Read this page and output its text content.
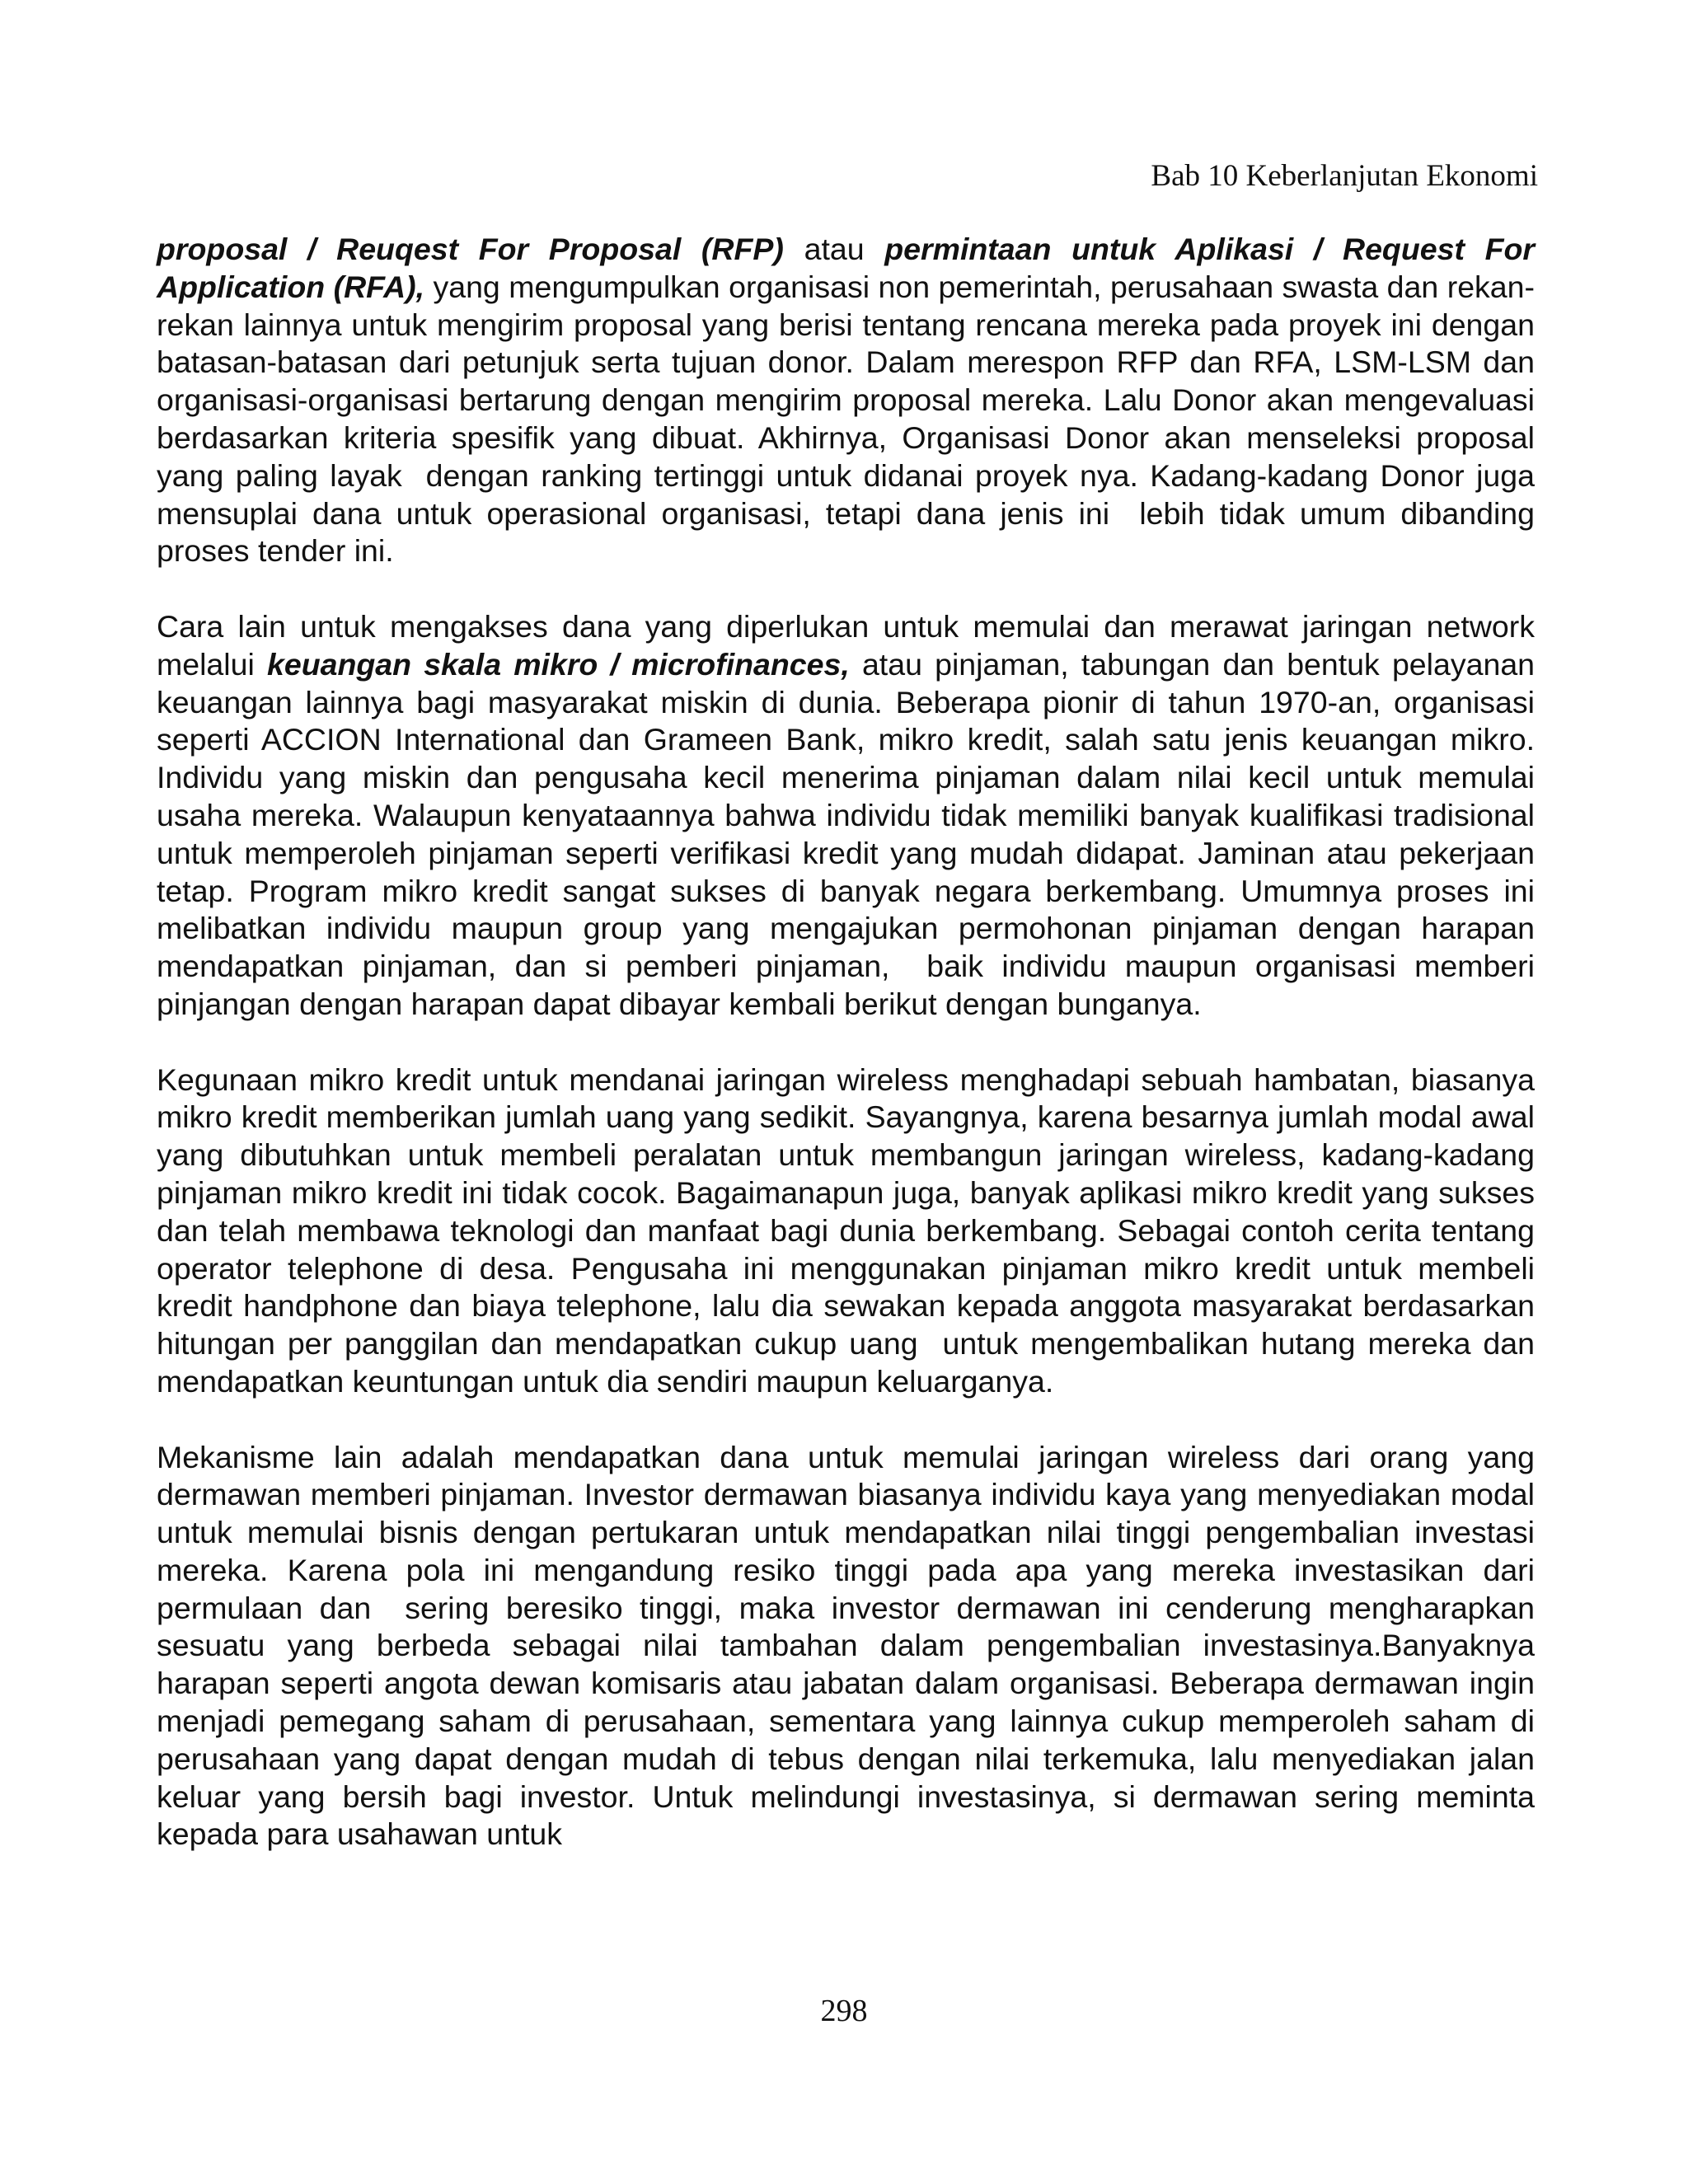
Bab 10 Keberlanjutan Ekonomi

proposal / Reuqest For Proposal (RFP) atau permintaan untuk Aplikasi / Request For Application (RFA), yang mengumpulkan organisasi non pemerintah, perusahaan swasta dan rekan-rekan lainnya untuk mengirim proposal yang berisi tentang rencana mereka pada proyek ini dengan batasan-batasan dari petunjuk serta tujuan donor. Dalam merespon RFP dan RFA, LSM-LSM dan organisasi-organisasi bertarung dengan mengirim proposal mereka. Lalu Donor akan mengevaluasi berdasarkan kriteria spesifik yang dibuat. Akhirnya, Organisasi Donor akan menseleksi proposal yang paling layak  dengan ranking tertinggi untuk didanai proyek nya. Kadang-kadang Donor juga mensuplai dana untuk operasional organisasi, tetapi dana jenis ini  lebih tidak umum dibanding proses tender ini.

Cara lain untuk mengakses dana yang diperlukan untuk memulai dan merawat jaringan network melalui keuangan skala mikro / microfinances, atau pinjaman, tabungan dan bentuk pelayanan keuangan lainnya bagi masyarakat miskin di dunia. Beberapa pionir di tahun 1970-an, organisasi seperti ACCION International dan Grameen Bank, mikro kredit, salah satu jenis keuangan mikro. Individu yang miskin dan pengusaha kecil menerima pinjaman dalam nilai kecil untuk memulai usaha mereka. Walaupun kenyataannya bahwa individu tidak memiliki banyak kualifikasi tradisional untuk memperoleh pinjaman seperti verifikasi kredit yang mudah didapat. Jaminan atau pekerjaan tetap. Program mikro kredit sangat sukses di banyak negara berkembang. Umumnya proses ini melibatkan individu maupun group yang mengajukan permohonan pinjaman dengan harapan mendapatkan pinjaman, dan si pemberi pinjaman,  baik individu maupun organisasi memberi pinjangan dengan harapan dapat dibayar kembali berikut dengan bunganya.

Kegunaan mikro kredit untuk mendanai jaringan wireless menghadapi sebuah hambatan, biasanya mikro kredit memberikan jumlah uang yang sedikit. Sayangnya, karena besarnya jumlah modal awal yang dibutuhkan untuk membeli peralatan untuk membangun jaringan wireless, kadang-kadang pinjaman mikro kredit ini tidak cocok. Bagaimanapun juga, banyak aplikasi mikro kredit yang sukses dan telah membawa teknologi dan manfaat bagi dunia berkembang. Sebagai contoh cerita tentang operator telephone di desa. Pengusaha ini menggunakan pinjaman mikro kredit untuk membeli kredit handphone dan biaya telephone, lalu dia sewakan kepada anggota masyarakat berdasarkan hitungan per panggilan dan mendapatkan cukup uang  untuk mengembalikan hutang mereka dan mendapatkan keuntungan untuk dia sendiri maupun keluarganya.

Mekanisme lain adalah mendapatkan dana untuk memulai jaringan wireless dari orang yang dermawan memberi pinjaman. Investor dermawan biasanya individu kaya yang menyediakan modal untuk memulai bisnis dengan pertukaran untuk mendapatkan nilai tinggi pengembalian investasi mereka. Karena pola ini mengandung resiko tinggi pada apa yang mereka investasikan dari permulaan dan  sering beresiko tinggi, maka investor dermawan ini cenderung mengharapkan sesuatu yang berbeda sebagai nilai tambahan dalam pengembalian investasinya.Banyaknya harapan seperti angota dewan komisaris atau jabatan dalam organisasi. Beberapa dermawan ingin menjadi pemegang saham di perusahaan, sementara yang lainnya cukup memperoleh saham di perusahaan yang dapat dengan mudah di tebus dengan nilai terkemuka, lalu menyediakan jalan keluar yang bersih bagi investor. Untuk melindungi investasinya, si dermawan sering meminta kepada para usahawan untuk

298
